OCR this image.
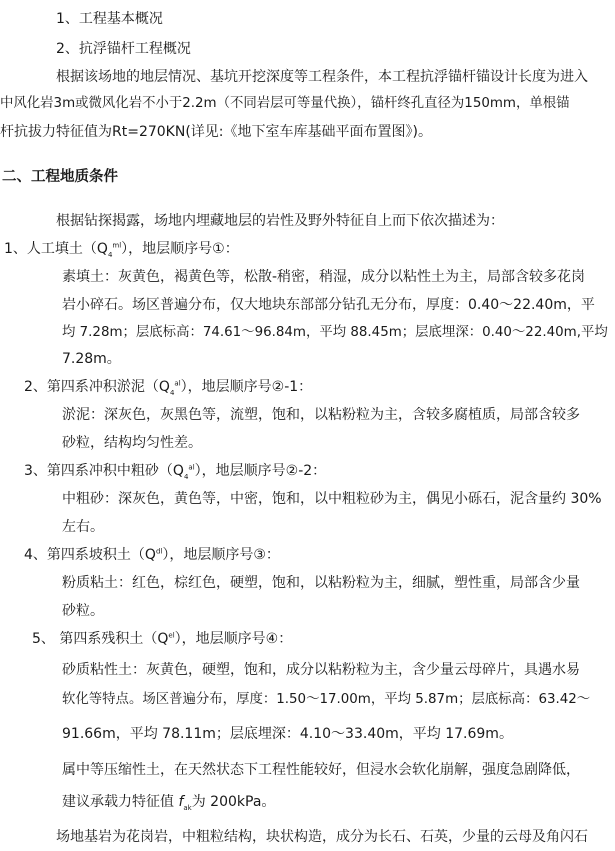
1、工程基本概况
2、抗浮锚杆工程概况
根据该场地的地层情况、基坑开挖深度等工程条件，本工程抗浮锚杆锚设计长度为进入
中风化岩3m或微风化岩不小于2.2m（不同岩层可等量代换），锚杆终孔直径为150mm，单根锚
杆抗拔力特征值为Rt=270KN(详见:《地下室车库基础平面布置图》)。
二、工程地质条件
根据钻探揭露，场地内埋藏地层的岩性及野外特征自上而下依次描述为：
1、人工填土$(Q_4^{ml})$，地层顺序号①：
素填土：灰黄色，褐黄色等，松散-稍密，稍湿，成分以粘性土为主，局部含较多花岗
岩小碎石。场区普遍分布，仅大地块东部部分钻孔无分布，厚度：0.40～22.40m，平
均 7.28m；层底标高：74.61～96.84m，平均 88.45m；层底埋深：0.40～22.40m,平均
7.28m。
2、第四系冲积淤泥$(Q_4^{al})$，地层顺序号②-1：
淤泥：深灰色，灰黑色等，流塑，饱和，以粘粉粒为主，含较多腐植质，局部含较多
砂粒，结构均匀性差。
3、第四系冲积中粗砂$(Q_4^{al})$，地层顺序号②-2：
中粗砂：深灰色，黄色等，中密，饱和，以中粗粒砂为主，偶见小砾石，泥含量约 30%
左右。
4、第四系坡积土$(Q^{dl})$，地层顺序号③：
粉质粘土：红色，棕红色，硬塑，饱和，以粘粉粒为主，细腻，塑性重，局部含少量
砂粒。
5、 第四系残积土$(Q^{el})$，地层顺序号④：
砂质粘性土：灰黄色，硬塑，饱和，成分以粘粉粒为主，含少量云母碎片，具遇水易
软化等特点。场区普遍分布，厚度：1.50～17.00m，平均 5.87m；层底标高：63.42～
91.66m，平均 78.11m；层底埋深：4.10～33.40m，平均 17.69m。
属中等压缩性土，在天然状态下工程性能较好，但浸水会软化崩解，强度急剧降低，
建议承载力特征值 $f_{ak}$为 200kPa。
场地基岩为花岗岩，中粗粒结构，块状构造，成分为长石、石英，少量的云母及角闪石
